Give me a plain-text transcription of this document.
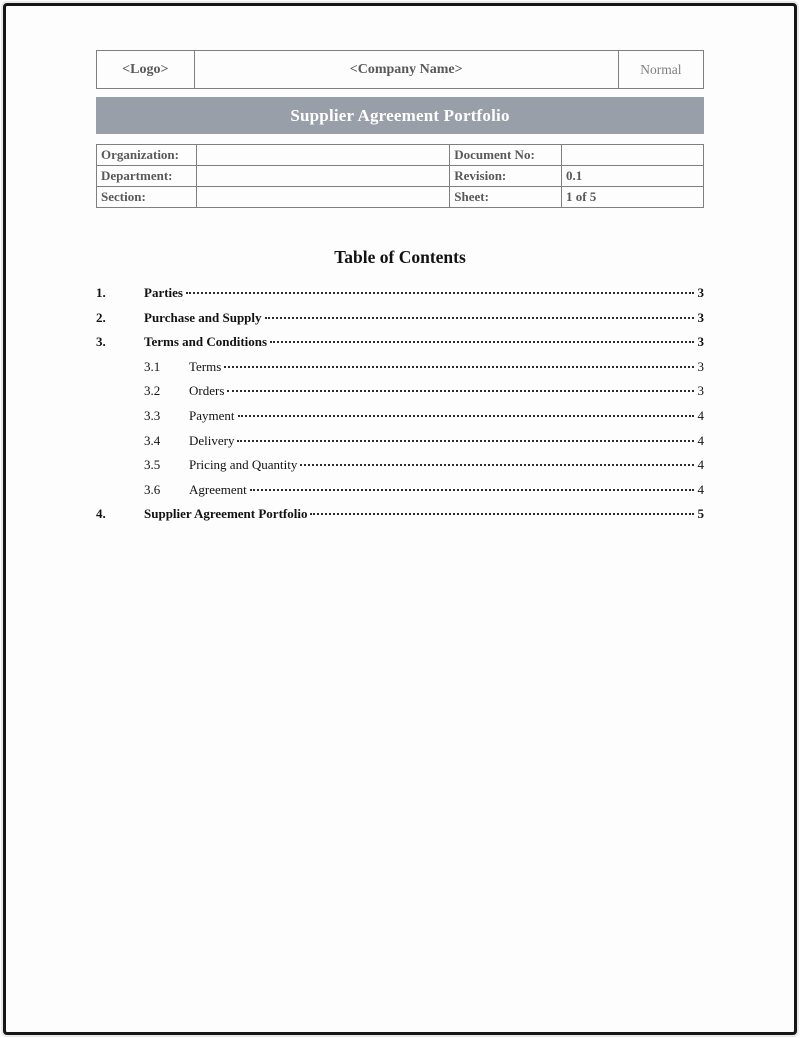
<Logo>	<Company Name>	Normal
Supplier Agreement Portfolio
Organization:		Document No:	
Department:		Revision:	0.1
Section:		Sheet:	1 of 5
Table of Contents
1.	Parties	3
2.	Purchase and Supply	3
3.	Terms and Conditions	3
3.1	Terms	3
3.2	Orders	3
3.3	Payment	4
3.4	Delivery	4
3.5	Pricing and Quantity	4
3.6	Agreement	4
4.	Supplier Agreement Portfolio	5
